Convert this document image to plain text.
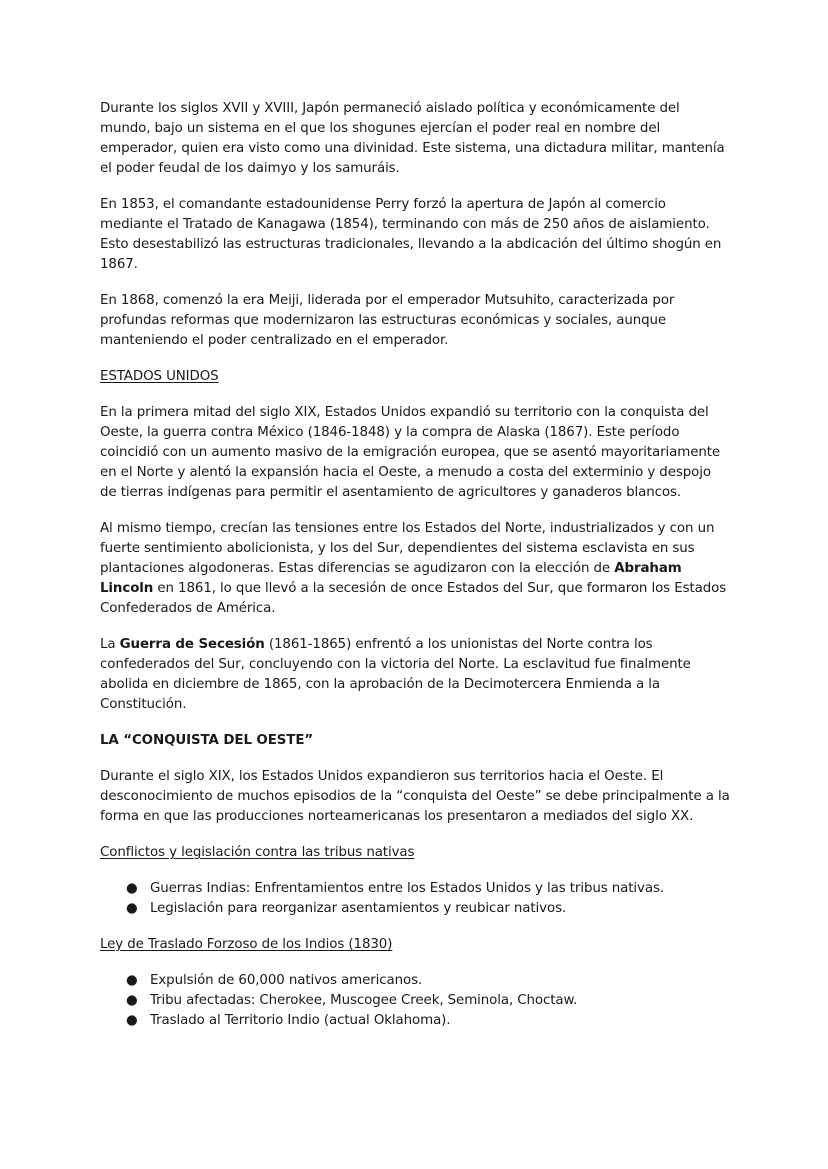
Durante los siglos XVII y XVIII, Japón permaneció aislado política y económicamente del mundo, bajo un sistema en el que los shogunes ejercían el poder real en nombre del emperador, quien era visto como una divinidad. Este sistema, una dictadura militar, mantenía el poder feudal de los daimyo y los samuráis.

En 1853, el comandante estadounidense Perry forzó la apertura de Japón al comercio mediante el Tratado de Kanagawa (1854), terminando con más de 250 años de aislamiento. Esto desestabilizó las estructuras tradicionales, llevando a la abdicación del último shogún en 1867.

En 1868, comenzó la era Meiji, liderada por el emperador Mutsuhito, caracterizada por profundas reformas que modernizaron las estructuras económicas y sociales, aunque manteniendo el poder centralizado en el emperador.

ESTADOS UNIDOS

En la primera mitad del siglo XIX, Estados Unidos expandió su territorio con la conquista del Oeste, la guerra contra México (1846-1848) y la compra de Alaska (1867). Este período coincidió con un aumento masivo de la emigración europea, que se asentó mayoritariamente en el Norte y alentó la expansión hacia el Oeste, a menudo a costa del exterminio y despojo de tierras indígenas para permitir el asentamiento de agricultores y ganaderos blancos.

Al mismo tiempo, crecían las tensiones entre los Estados del Norte, industrializados y con un fuerte sentimiento abolicionista, y los del Sur, dependientes del sistema esclavista en sus plantaciones algodoneras. Estas diferencias se agudizaron con la elección de Abraham Lincoln en 1861, lo que llevó a la secesión de once Estados del Sur, que formaron los Estados Confederados de América.

La Guerra de Secesión (1861-1865) enfrentó a los unionistas del Norte contra los confederados del Sur, concluyendo con la victoria del Norte. La esclavitud fue finalmente abolida en diciembre de 1865, con la aprobación de la Decimotercera Enmienda a la Constitución.

LA “CONQUISTA DEL OESTE”

Durante el siglo XIX, los Estados Unidos expandieron sus territorios hacia el Oeste. El desconocimiento de muchos episodios de la “conquista del Oeste” se debe principalmente a la forma en que las producciones norteamericanas los presentaron a mediados del siglo XX.

Conflictos y legislación contra las tribus nativas
● Guerras Indias: Enfrentamientos entre los Estados Unidos y las tribus nativas.
● Legislación para reorganizar asentamientos y reubicar nativos.
Ley de Traslado Forzoso de los Indios (1830)
● Expulsión de 60,000 nativos americanos.
● Tribu afectadas: Cherokee, Muscogee Creek, Seminola, Choctaw.
● Traslado al Territorio Indio (actual Oklahoma).
